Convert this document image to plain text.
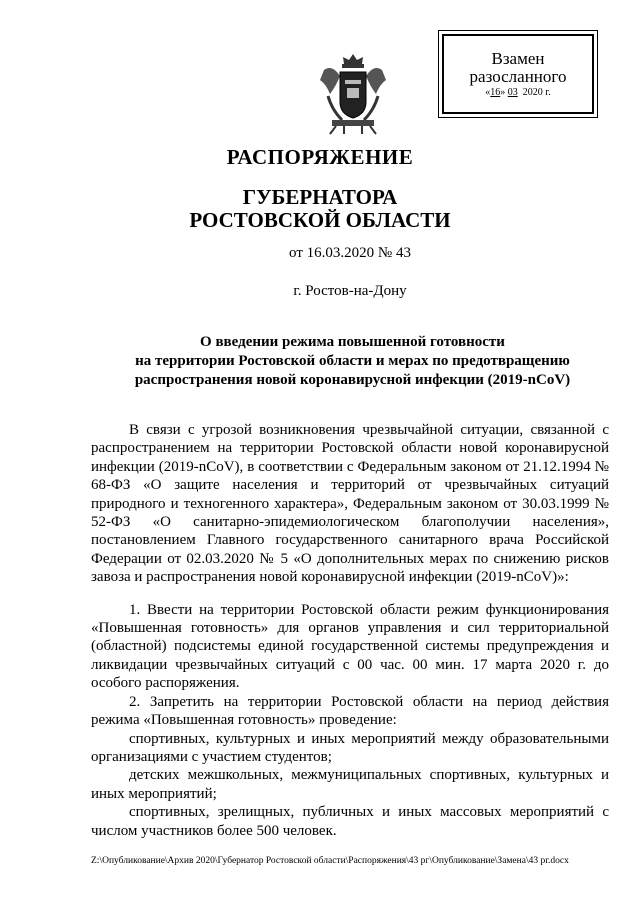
Взамен
разосланного
«16» 03 2020 г.
РАСПОРЯЖЕНИЕ
ГУБЕРНАТОРА
РОСТОВСКОЙ ОБЛАСТИ
от 16.03.2020 № 43
г. Ростов-на-Дону
О введении режима повышенной готовности
на территории Ростовской области и мерах по предотвращению
распространения новой коронавирусной инфекции (2019-nCoV)

В связи с угрозой возникновения чрезвычайной ситуации, связанной с распространением на территории Ростовской области новой коронавирусной инфекции (2019-nCoV), в соответствии с Федеральным законом от 21.12.1994 № 68-ФЗ «О защите населения и территорий от чрезвычайных ситуаций природного и техногенного характера», Федеральным законом от 30.03.1999 № 52-ФЗ «О санитарно-эпидемиологическом благополучии населения», постановлением Главного государственного санитарного врача Российской Федерации от 02.03.2020 № 5 «О дополнительных мерах по снижению рисков завоза и распространения новой коронавирусной инфекции (2019-nCoV)»:

1. Ввести на территории Ростовской области режим функционирования «Повышенная готовность» для органов управления и сил территориальной (областной) подсистемы единой государственной системы предупреждения и ликвидации чрезвычайных ситуаций с 00 час. 00 мин. 17 марта 2020 г. до особого распоряжения.

2. Запретить на территории Ростовской области на период действия режима «Повышенная готовность» проведение:

спортивных, культурных и иных мероприятий между образовательными организациями с участием студентов;

детских межшкольных, межмуниципальных спортивных, культурных и иных мероприятий;

спортивных, зрелищных, публичных и иных массовых мероприятий с числом участников более 500 человек.

Z:\Опубликование\Архив 2020\Губернатор Ростовской области\Распоряжения\43 рг\Опубликование\Замена\43 рг.docx
